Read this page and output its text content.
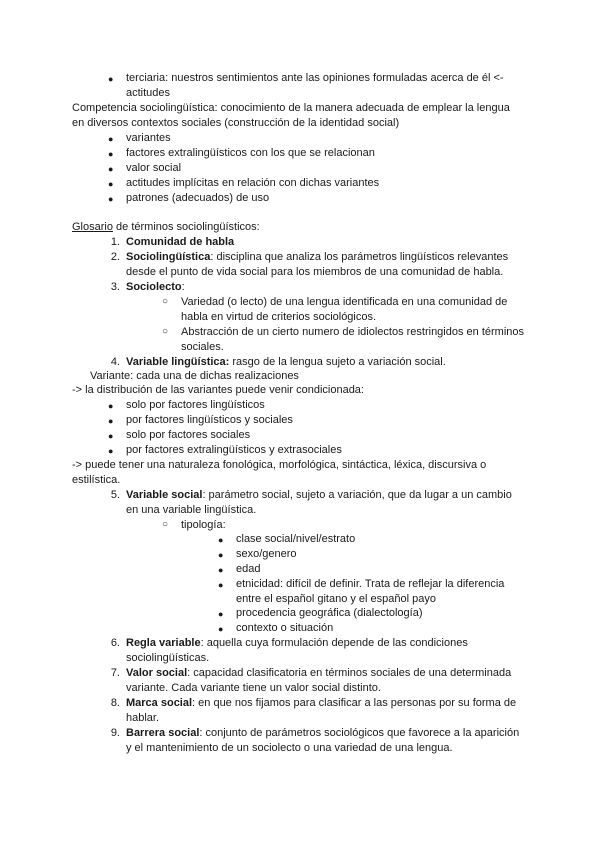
● terciaria: nuestros sentimientos ante las opiniones formuladas acerca de él <-
actitudes
Competencia sociolingüística: conocimiento de la manera adecuada de emplear la lengua
en diversos contextos sociales (construcción de la identidad social)
● variantes
● factores extralingüísticos con los que se relacionan
● valor social
● actitudes implícitas en relación con dichas variantes
● patrones (adecuados) de uso
Glosario de términos sociolingüísticos:
1. Comunidad de habla
2. Sociolingüística: disciplina que analiza los parámetros lingüísticos relevantes
desde el punto de vida social para los miembros de una comunidad de habla.
3. Sociolecto:
○ Variedad (o lecto) de una lengua identificada en una comunidad de
habla en virtud de criterios sociológicos.
○ Abstracción de un cierto numero de idiolectos restringidos en términos
sociales.
4. Variable lingüística: rasgo de la lengua sujeto a variación social.
Variante: cada una de dichas realizaciones
-> la distribución de las variantes puede venir condicionada:
● solo por factores lingüísticos
● por factores lingüísticos y sociales
● solo por factores sociales
● por factores extralingüísticos y extrasociales
-> puede tener una naturaleza fonológica, morfológica, sintáctica, léxica, discursiva o
estilística.
5. Variable social: parámetro social, sujeto a variación, que da lugar a un cambio
en una variable lingüística.
○ tipología:
● clase social/nivel/estrato
● sexo/genero
● edad
● etnicidad: difícil de definir. Trata de reflejar la diferencia
entre el español gitano y el español payo
● procedencia geográfica (dialectología)
● contexto o situación
6. Regla variable: aquella cuya formulación depende de las condiciones
sociolingüísticas.
7. Valor social: capacidad clasificatoria en términos sociales de una determinada
variante. Cada variante tiene un valor social distinto.
8. Marca social: en que nos fijamos para clasificar a las personas por su forma de
hablar.
9. Barrera social: conjunto de parámetros sociológicos que favorece a la aparición
y el mantenimiento de un sociolecto o una variedad de una lengua.
